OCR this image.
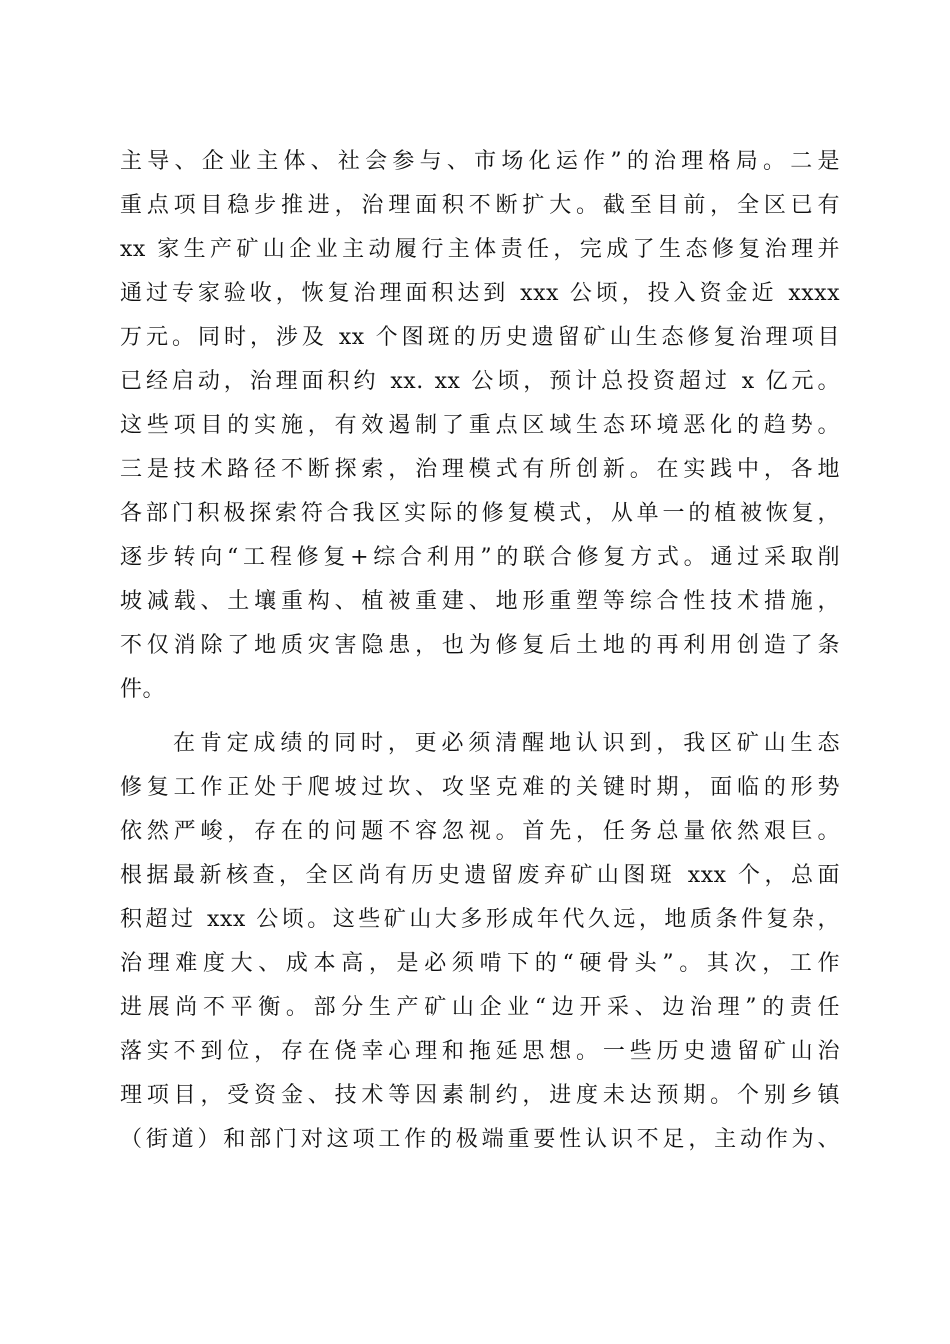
主导、企业主体、社会参与、市场化运作”的治理格局。二是
重点项目稳步推进，治理面积不断扩大。截至目前，全区已有
xx 家生产矿山企业主动履行主体责任，完成了生态修复治理并
通过专家验收，恢复治理面积达到 xxx 公顷，投入资金近 xxxx
万元。同时，涉及 xx 个图斑的历史遗留矿山生态修复治理项目
已经启动，治理面积约 xx. xx 公顷，预计总投资超过 x 亿元。
这些项目的实施，有效遏制了重点区域生态环境恶化的趋势。
三是技术路径不断探索，治理模式有所创新。在实践中，各地
各部门积极探索符合我区实际的修复模式，从单一的植被恢复，
逐步转向“工程修复+综合利用”的联合修复方式。通过采取削
坡减载、土壤重构、植被重建、地形重塑等综合性技术措施，
不仅消除了地质灾害隐患，也为修复后土地的再利用创造了条
件。
在肯定成绩的同时，更必须清醒地认识到，我区矿山生态
修复工作正处于爬坡过坎、攻坚克难的关键时期，面临的形势
依然严峻，存在的问题不容忽视。首先，任务总量依然艰巨。
根据最新核查，全区尚有历史遗留废弃矿山图斑 xxx 个，总面
积超过 xxx 公顷。这些矿山大多形成年代久远，地质条件复杂，
治理难度大、成本高，是必须啃下的“硬骨头”。其次，工作
进展尚不平衡。部分生产矿山企业“边开采、边治理”的责任
落实不到位，存在侥幸心理和拖延思想。一些历史遗留矿山治
理项目，受资金、技术等因素制约，进度未达预期。个别乡镇
（街道）和部门对这项工作的极端重要性认识不足，主动作为、
